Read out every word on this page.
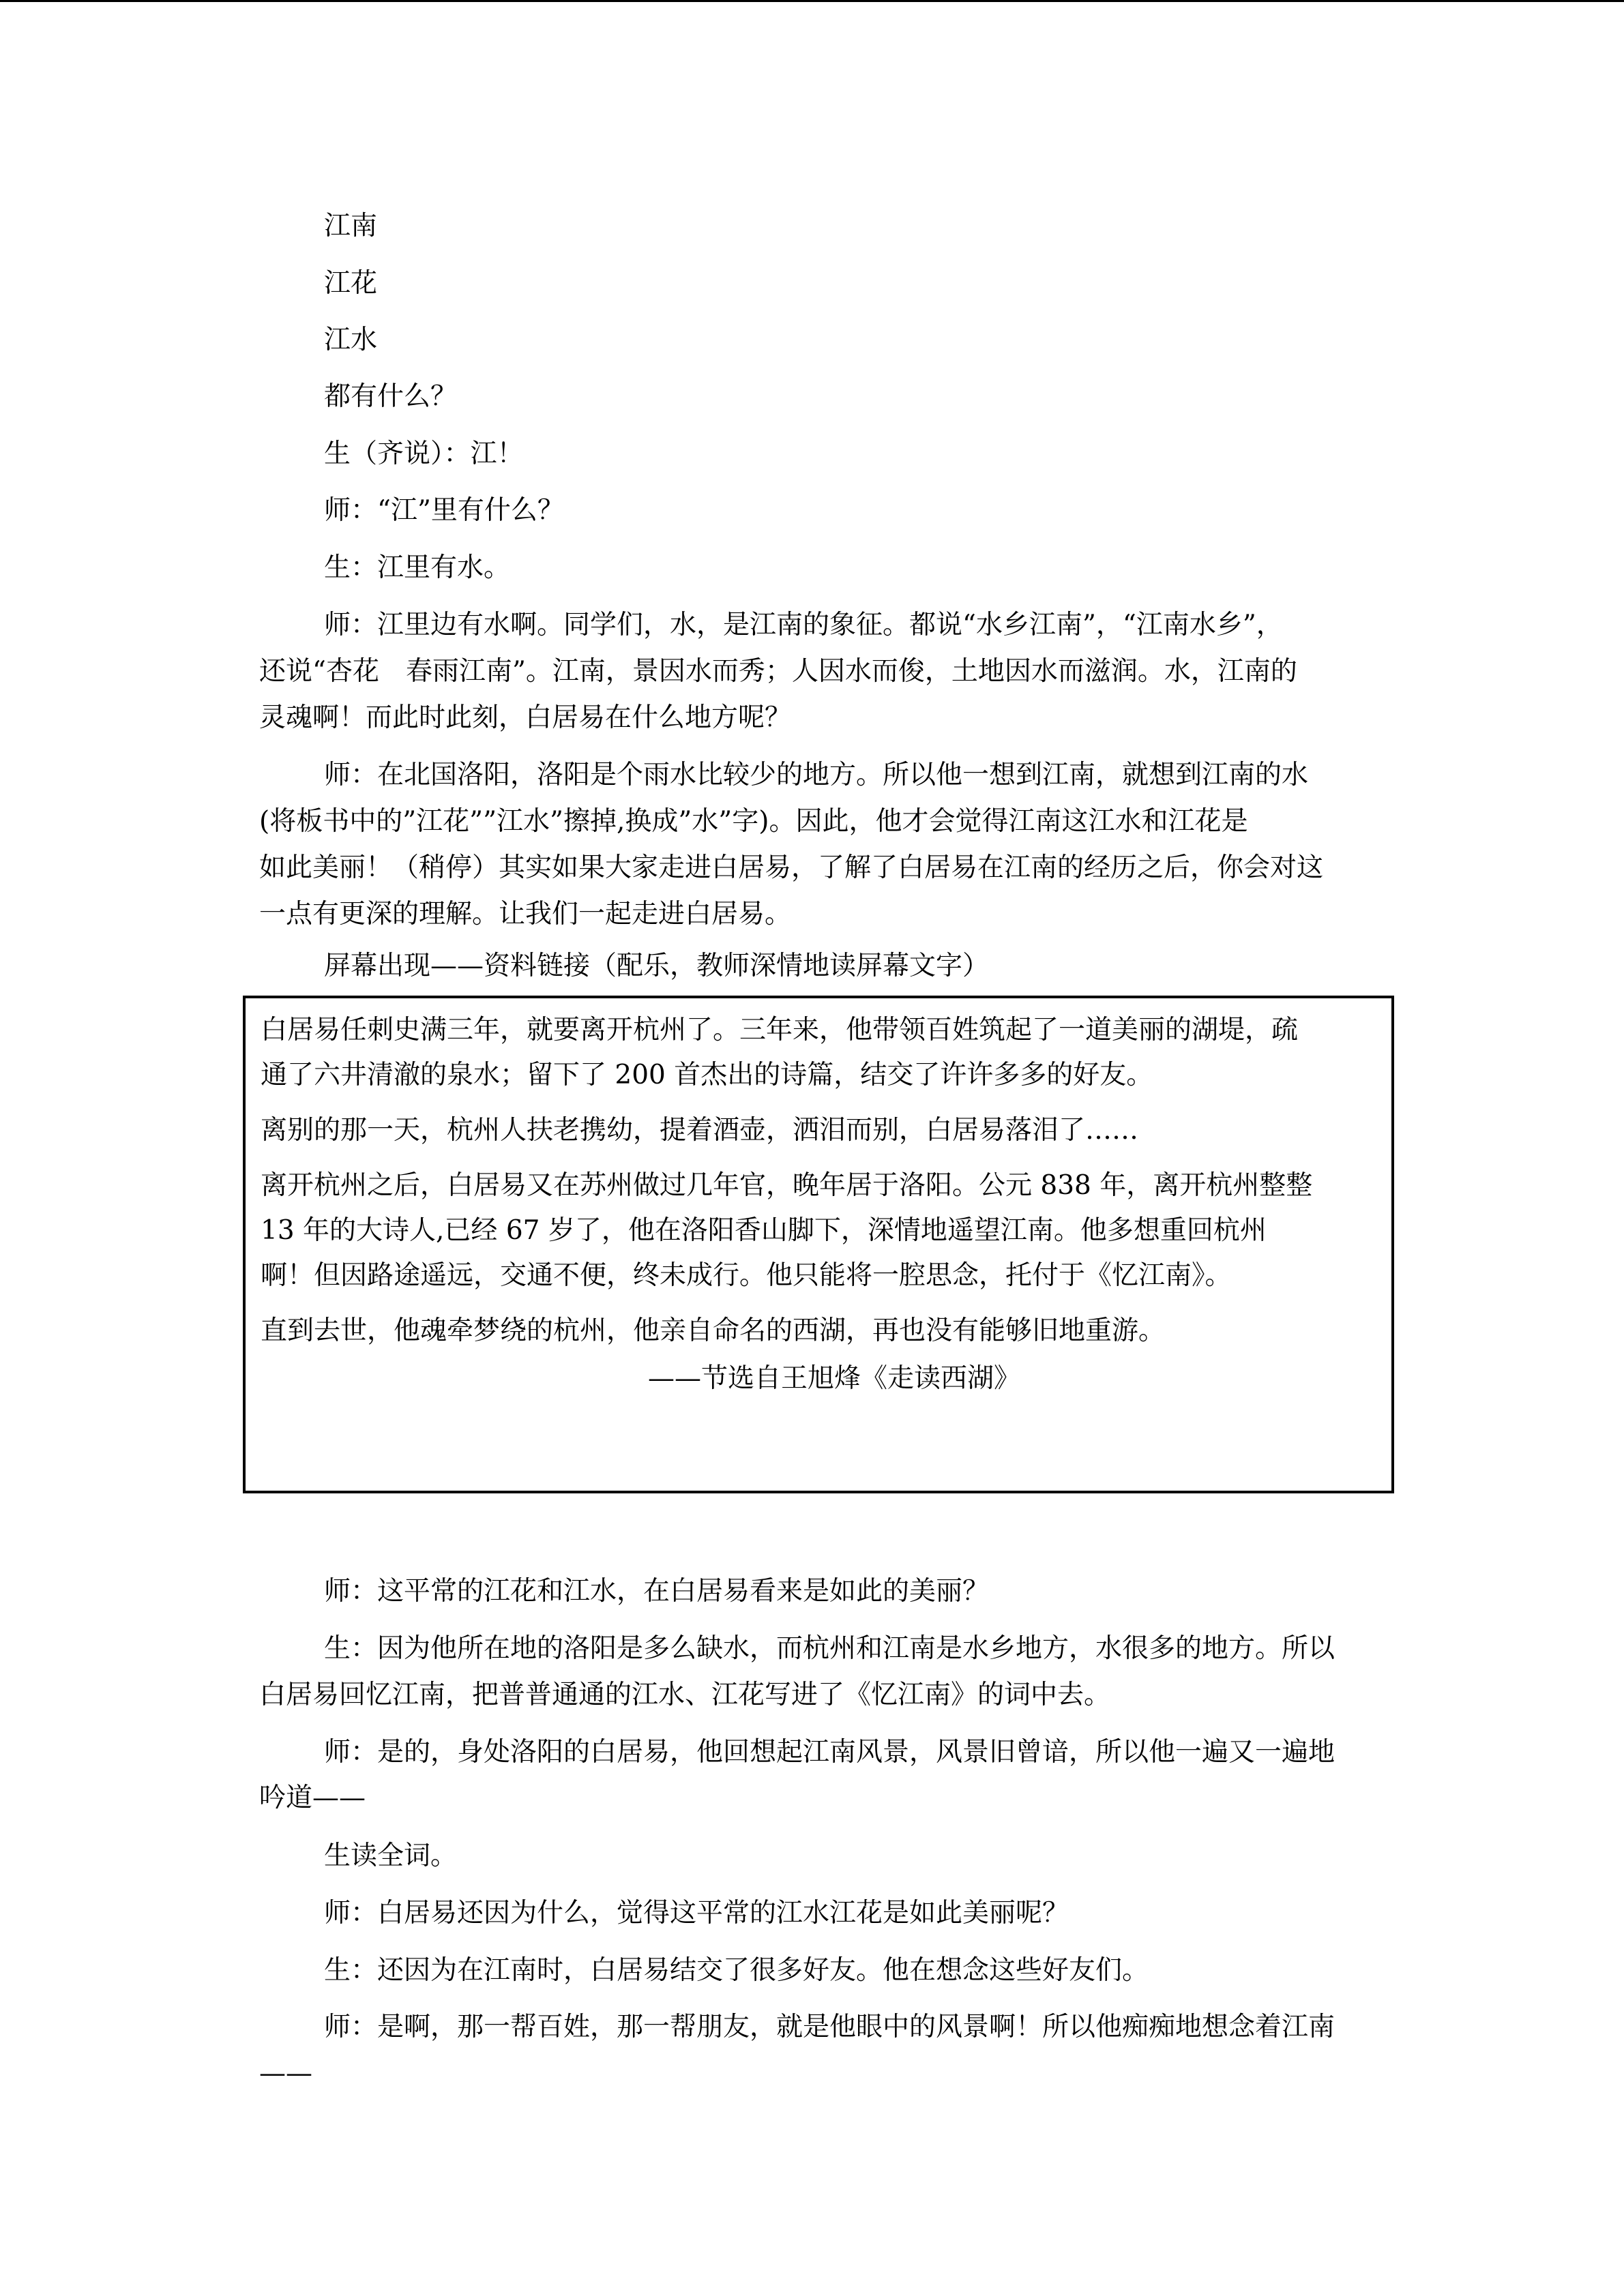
江南

江花

江水

都有什么？

生（齐说）：江！

师：“江”里有什么？

生：江里有水。

师：江里边有水啊。同学们，水，是江南的象征。都说“水乡江南”，“江南水乡”，

还说“杏花　春雨江南”。江南，景因水而秀；人因水而俊，土地因水而滋润。水，江南的

灵魂啊！而此时此刻，白居易在什么地方呢？

师：在北国洛阳，洛阳是个雨水比较少的地方。所以他一想到江南，就想到江南的水

(将板书中的”江花””江水”擦掉,换成”水”字)。因此，他才会觉得江南这江水和江花是

如此美丽！（稍停）其实如果大家走进白居易，了解了白居易在江南的经历之后，你会对这

一点有更深的理解。让我们一起走进白居易。

屏幕出现——资料链接（配乐，教师深情地读屏幕文字）

白居易任刺史满三年，就要离开杭州了。三年来，他带领百姓筑起了一道美丽的湖堤，疏

通了六井清澈的泉水；留下了 200 首杰出的诗篇，结交了许许多多的好友。

离别的那一天，杭州人扶老携幼，提着酒壶，洒泪而别，白居易落泪了……

离开杭州之后，白居易又在苏州做过几年官，晚年居于洛阳。公元 838 年，离开杭州整整

13 年的大诗人,已经 67 岁了，他在洛阳香山脚下，深情地遥望江南。他多想重回杭州

啊！但因路途遥远，交通不便，终未成行。他只能将一腔思念，托付于《忆江南》。

直到去世，他魂牵梦绕的杭州，他亲自命名的西湖，再也没有能够旧地重游。

——节选自王旭烽《走读西湖》

师：这平常的江花和江水，在白居易看来是如此的美丽？

生：因为他所在地的洛阳是多么缺水，而杭州和江南是水乡地方，水很多的地方。所以

白居易回忆江南，把普普通通的江水、江花写进了《忆江南》的词中去。

师：是的，身处洛阳的白居易，他回想起江南风景，风景旧曾谙，所以他一遍又一遍地

吟道——

生读全词。

师：白居易还因为什么，觉得这平常的江水江花是如此美丽呢？

生：还因为在江南时，白居易结交了很多好友。他在想念这些好友们。

师：是啊，那一帮百姓，那一帮朋友，就是他眼中的风景啊！所以他痴痴地想念着江南

——
